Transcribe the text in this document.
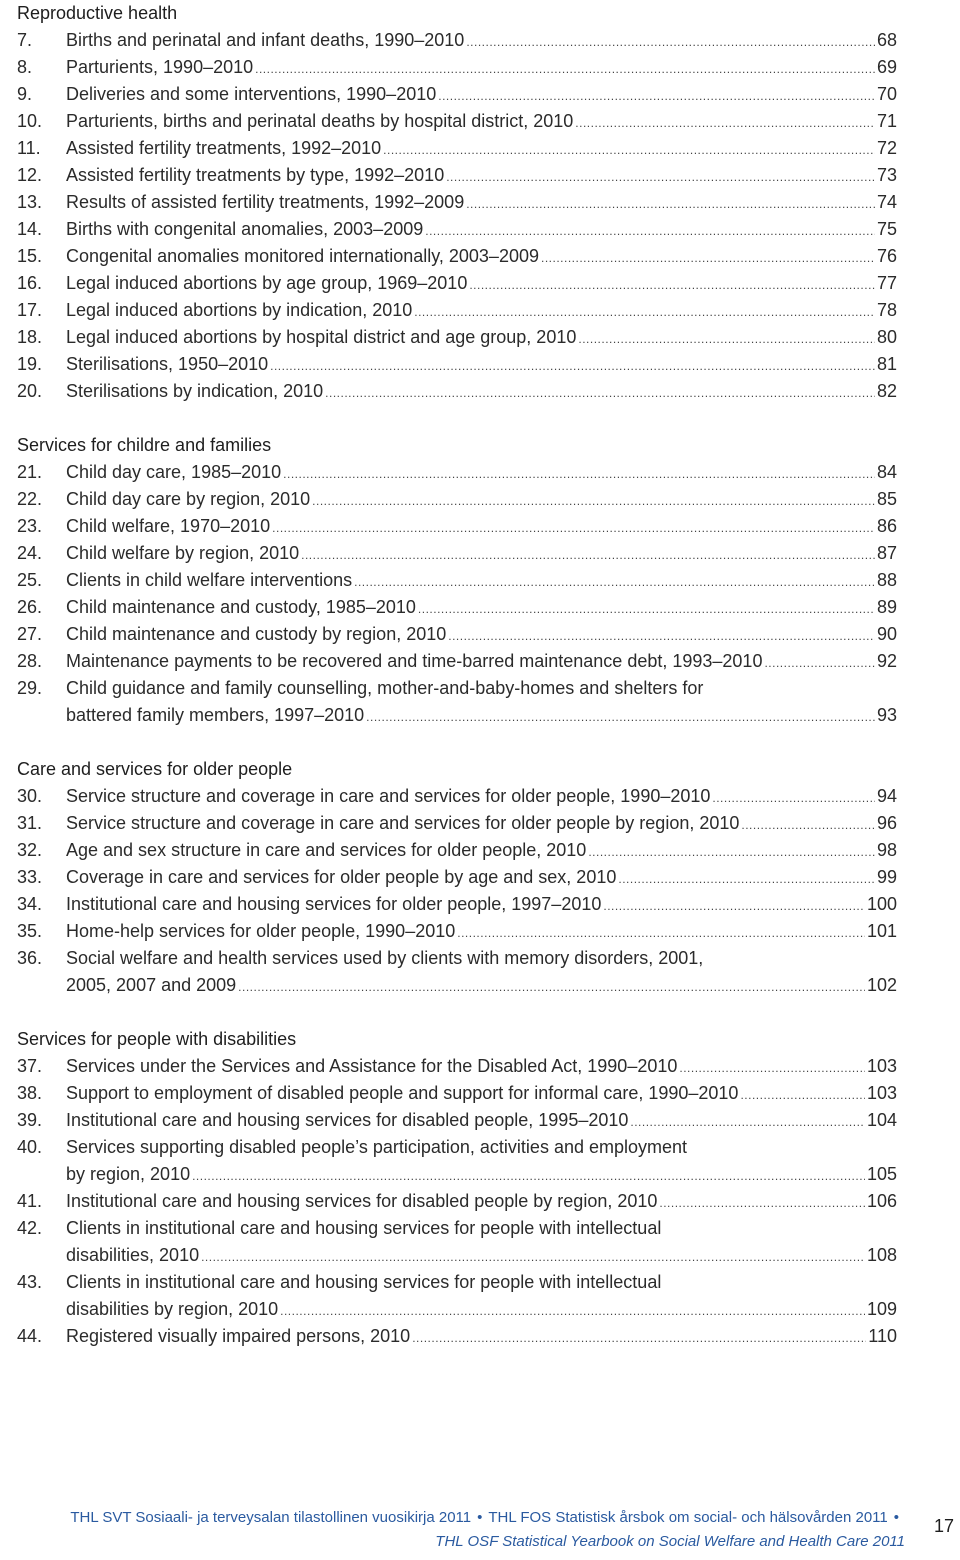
Reproductive health
7.	Births and perinatal and infant deaths, 1990–2010 .....	68
8.	Parturients, 1990–2010 .....	69
9.	Deliveries and some interventions, 1990–2010 .....	70
10.	Parturients, births and perinatal deaths by hospital district, 2010 .....	71
11.	Assisted fertility treatments, 1992–2010 .....	72
12.	Assisted fertility treatments by type, 1992–2010 .....	73
13.	Results of assisted fertility treatments, 1992–2009 .....	74
14.	Births with congenital anomalies, 2003–2009 .....	75
15.	Congenital anomalies monitored internationally, 2003–2009 .....	76
16.	Legal induced abortions by age group, 1969–2010 .....	77
17.	Legal induced abortions by indication, 2010 .....	78
18.	Legal induced abortions by hospital district and age group, 2010 .....	80
19.	Sterilisations, 1950–2010 .....	81
20.	Sterilisations by indication, 2010 .....	82
Services for childre and families
21.	Child day care, 1985–2010 .....	84
22.	Child day care by region, 2010 .....	85
23.	Child welfare, 1970–2010 .....	86
24.	Child welfare by region, 2010 .....	87
25.	Clients in child welfare interventions .....	88
26.	Child maintenance and custody, 1985–2010 .....	89
27.	Child maintenance and custody by region, 2010 .....	90
28.	Maintenance payments to be recovered and time-barred maintenance debt, 1993–2010 .....	92
29.	Child guidance and family counselling, mother-and-baby-homes and shelters for
battered family members, 1997–2010 .....	93
Care and services for older people
30.	Service structure and coverage in care and services for older people, 1990–2010 .....	94
31.	Service structure and coverage in care and services for older people by region, 2010 .....	96
32.	Age and sex structure in care and services for older people, 2010 .....	98
33.	Coverage in care and services for older people by age and sex, 2010 .....	99
34.	Institutional care and housing services for older people, 1997–2010 .....	100
35.	Home-help services for older people, 1990–2010 .....	101
36.	Social welfare and health services used by clients with memory disorders, 2001,
2005, 2007 and 2009 .....	102
Services for people with disabilities
37.	Services under the Services and Assistance for the Disabled Act, 1990–2010 .....	103
38.	Support to employment of disabled people and support for informal care, 1990–2010 .....	103
39.	Institutional care and housing services for disabled people, 1995–2010 .....	104
40.	Services supporting disabled people’s participation, activities and employment
by region, 2010 .....	105
41.	Institutional care and housing services for disabled people by region, 2010 .....	106
42.	Clients in institutional care and housing services for people with intellectual
disabilities, 2010 .....	108
43.	Clients in institutional care and housing services for people with intellectual
disabilities by region, 2010 .....	109
44.	Registered visually impaired persons, 2010 .....	110
THL SVT Sosiaali- ja terveysalan tilastollinen vuosikirja 2011 • THL FOS Statistisk årsbok om social- och hälsovården 2011 •
THL OSF Statistical Yearbook on Social Welfare and Health Care 2011
17
